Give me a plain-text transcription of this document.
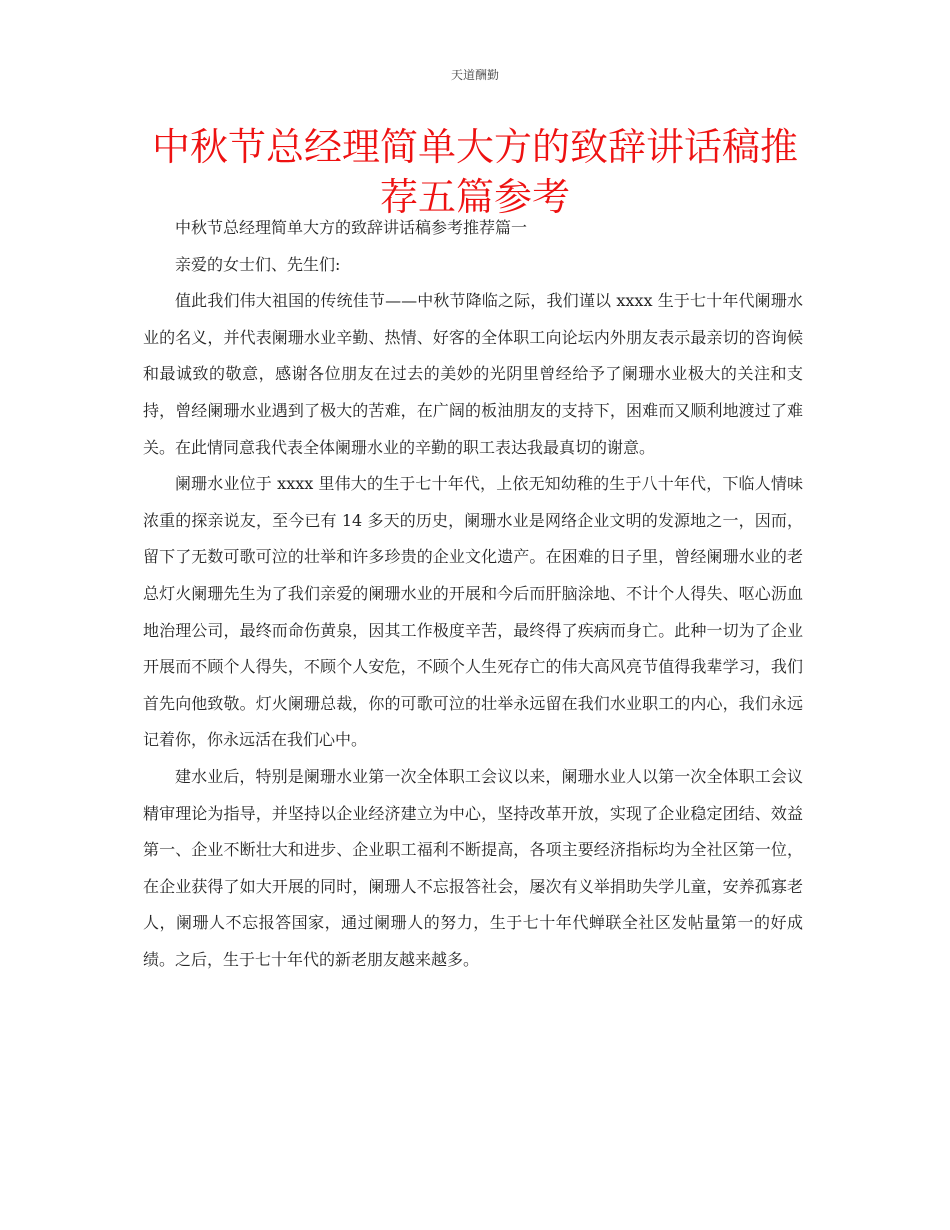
天道酬勤
中秋节总经理简单大方的致辞讲话稿推荐五篇参考

中秋节总经理简单大方的致辞讲话稿参考推荐篇一

亲爱的女士们、先生们:

值此我们伟大祖国的传统佳节——中秋节降临之际，我们谨以 xxxx 生于七十年代阑珊水业的名义，并代表阑珊水业辛勤、热情、好客的全体职工向论坛内外朋友表示最亲切的咨询候和最诚致的敬意，感谢各位朋友在过去的美妙的光阴里曾经给予了阑珊水业极大的关注和支持，曾经阑珊水业遇到了极大的苦难，在广阔的板油朋友的支持下，困难而又顺利地渡过了难关。在此情同意我代表全体阑珊水业的辛勤的职工表达我最真切的谢意。

阑珊水业位于 xxxx 里伟大的生于七十年代，上依无知幼稚的生于八十年代，下临人情味浓重的探亲说友，至今已有 14 多天的历史，阑珊水业是网络企业文明的发源地之一，因而，留下了无数可歌可泣的壮举和许多珍贵的企业文化遗产。在困难的日子里，曾经阑珊水业的老总灯火阑珊先生为了我们亲爱的阑珊水业的开展和今后而肝脑涂地、不计个人得失、呕心沥血地治理公司，最终而命伤黄泉，因其工作极度辛苦，最终得了疾病而身亡。此种一切为了企业开展而不顾个人得失，不顾个人安危，不顾个人生死存亡的伟大高风亮节值得我辈学习，我们首先向他致敬。灯火阑珊总裁，你的可歌可泣的壮举永远留在我们水业职工的内心，我们永远记着你，你永远活在我们心中。

建水业后，特别是阑珊水业第一次全体职工会议以来，阑珊水业人以第一次全体职工会议精审理论为指导，并坚持以企业经济建立为中心，坚持改革开放，实现了企业稳定团结、效益第一、企业不断壮大和进步、企业职工福利不断提高，各项主要经济指标均为全社区第一位，在企业获得了如大开展的同时，阑珊人不忘报答社会，屡次有义举捐助失学儿童，安养孤寡老人，阑珊人不忘报答国家，通过阑珊人的努力，生于七十年代蝉联全社区发帖量第一的好成绩。之后，生于七十年代的新老朋友越来越多。
